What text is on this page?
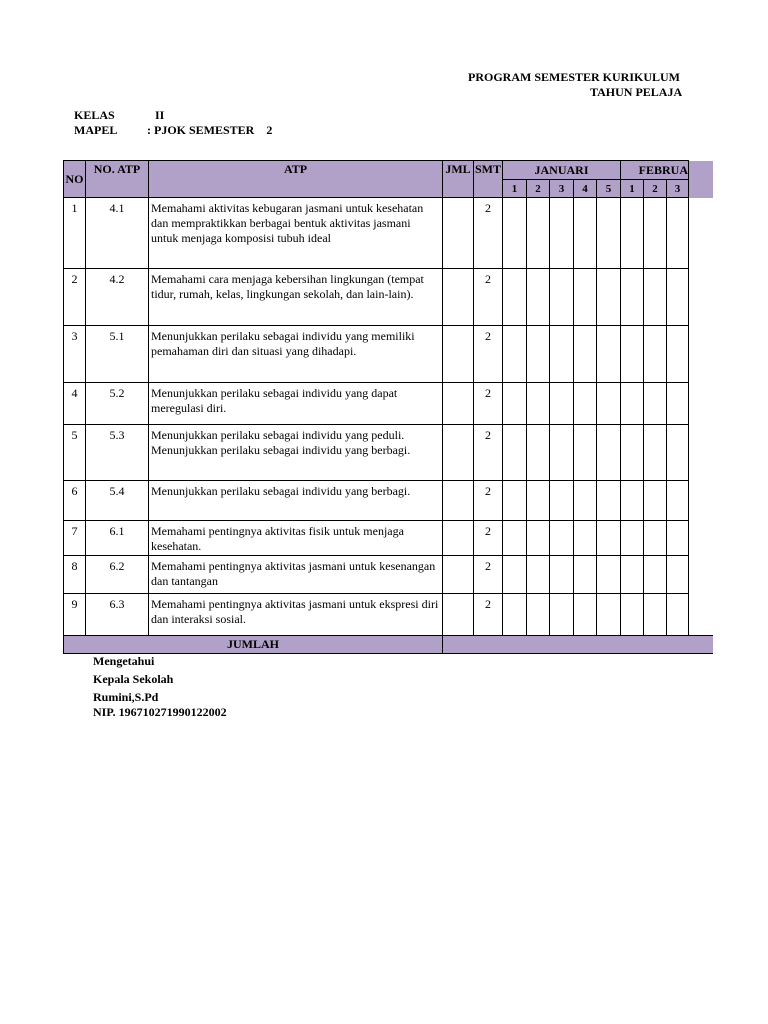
PROGRAM SEMESTER KURIKULUM
TAHUN PELAJA
KELAS	II
MAPEL : PJOK SEMESTER    2
NO	NO. ATP	ATP	JML	SMT	JANUARI					FEBRUA			
					1	2	3	4	5	1	2	3	
1	4.1	Memahami aktivitas kebugaran jasmani untuk kesehatan dan mempraktikkan berbagai bentuk aktivitas jasmani untuk menjaga komposisi tubuh ideal		2									
2	4.2	Memahami cara menjaga kebersihan lingkungan (tempat tidur, rumah, kelas, lingkungan sekolah, dan lain-lain).		2									
3	5.1	Menunjukkan perilaku sebagai individu yang memiliki pemahaman diri dan situasi yang dihadapi.		2									
4	5.2	Menunjukkan perilaku sebagai individu yang dapat meregulasi diri.		2									
5	5.3	Menunjukkan perilaku sebagai individu yang peduli. Menunjukkan perilaku sebagai individu yang berbagi.		2									
6	5.4	Menunjukkan perilaku sebagai individu yang berbagi.		2									
7	6.1	Memahami pentingnya aktivitas fisik untuk menjaga kesehatan.		2									
8	6.2	Memahami pentingnya aktivitas jasmani untuk kesenangan dan tantangan		2									
9	6.3	Memahami pentingnya aktivitas jasmani untuk ekspresi diri dan interaksi sosial.		2									
JUMLAH													
Mengetahui
Kepala Sekolah
Rumini,S.Pd
NIP. 196710271990122002
